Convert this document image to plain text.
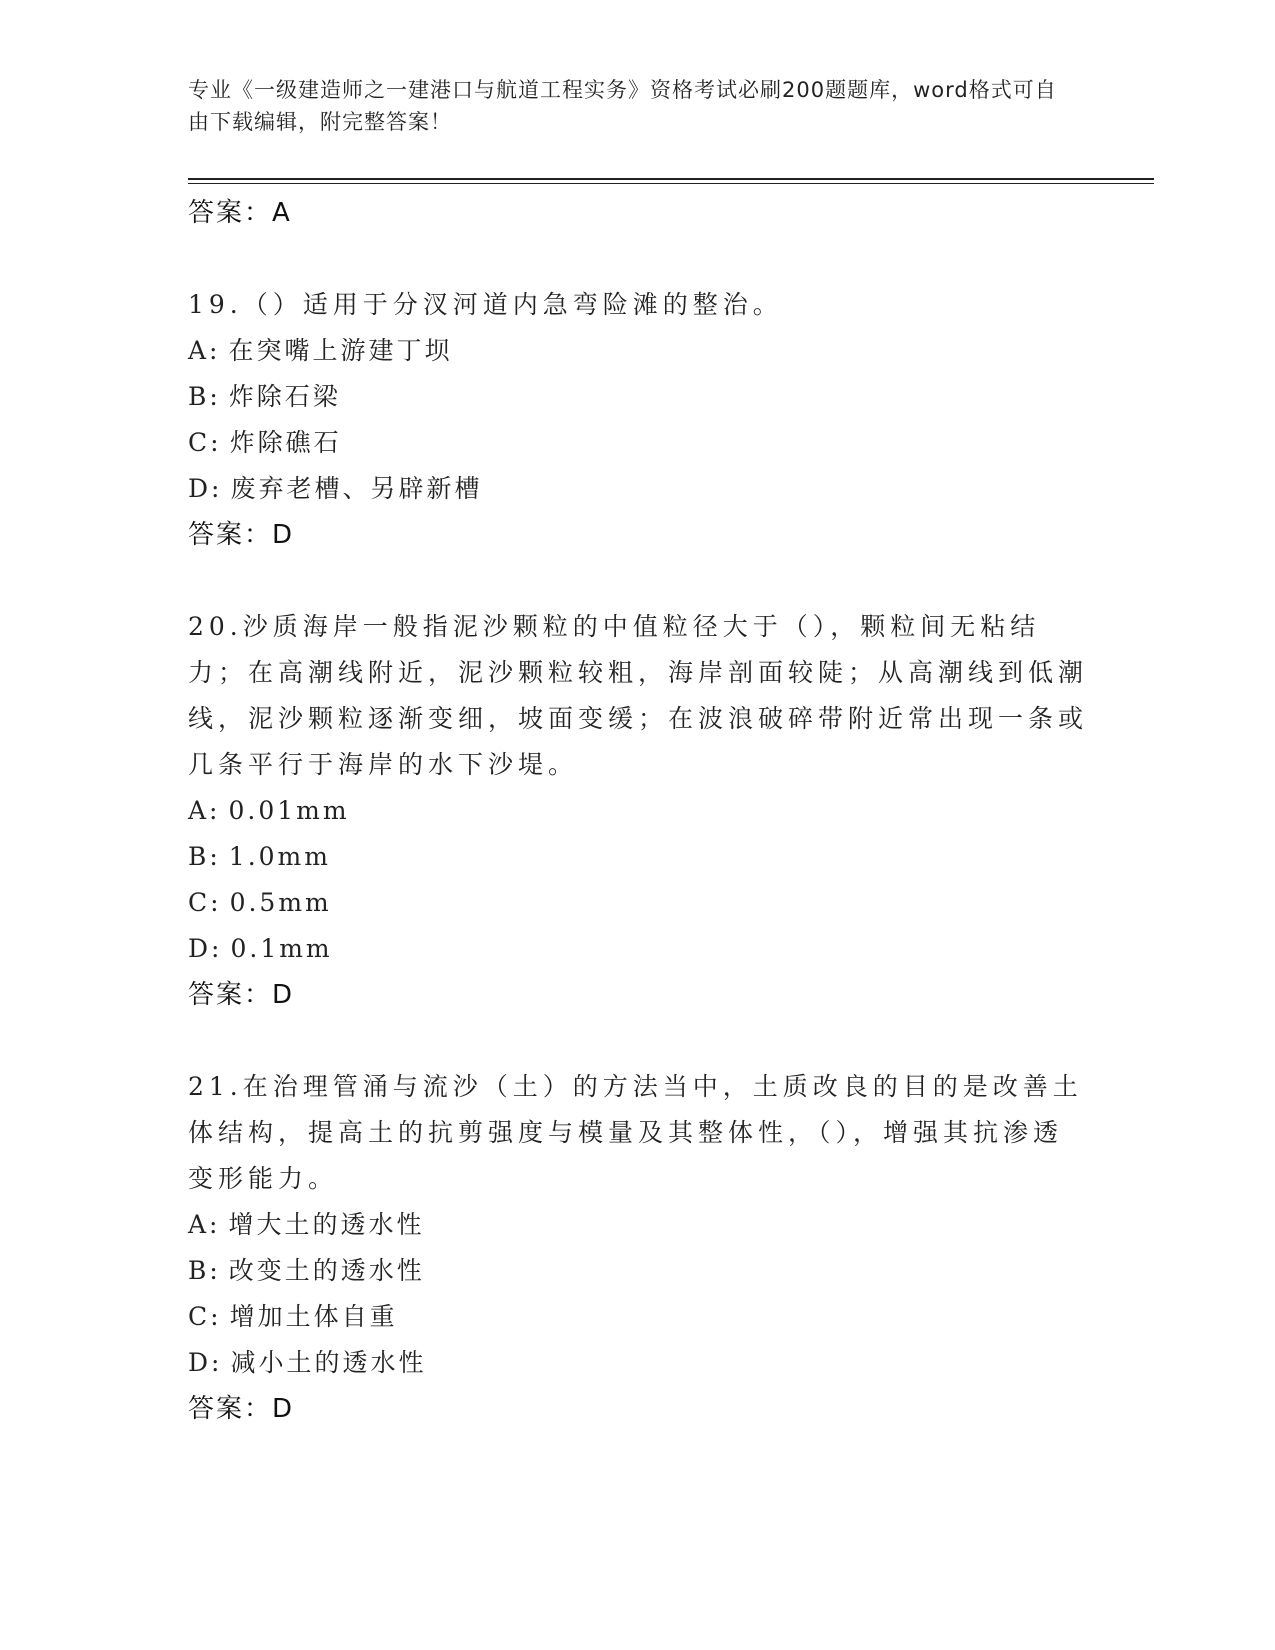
专业《一级建造师之一建港口与航道工程实务》资格考试必刷200题题库，word格式可自由下载编辑，附完整答案！
答案：A
19.（）适用于分汊河道内急弯险滩的整治。
A: 在突嘴上游建丁坝
B: 炸除石梁
C: 炸除礁石
D: 废弃老槽、另辟新槽
答案：D
20.沙质海岸一般指泥沙颗粒的中值粒径大于（），颗粒间无粘结力；在高潮线附近，泥沙颗粒较粗，海岸剖面较陡；从高潮线到低潮线，泥沙颗粒逐渐变细，坡面变缓；在波浪破碎带附近常出现一条或几条平行于海岸的水下沙堤。
A: 0.01mm
B: 1.0mm
C: 0.5mm
D: 0.1mm
答案：D
21.在治理管涌与流沙（土）的方法当中，土质改良的目的是改善土体结构，提高土的抗剪强度与模量及其整体性，（），增强其抗渗透变形能力。
A: 增大土的透水性
B: 改变土的透水性
C: 增加土体自重
D: 减小土的透水性
答案：D
